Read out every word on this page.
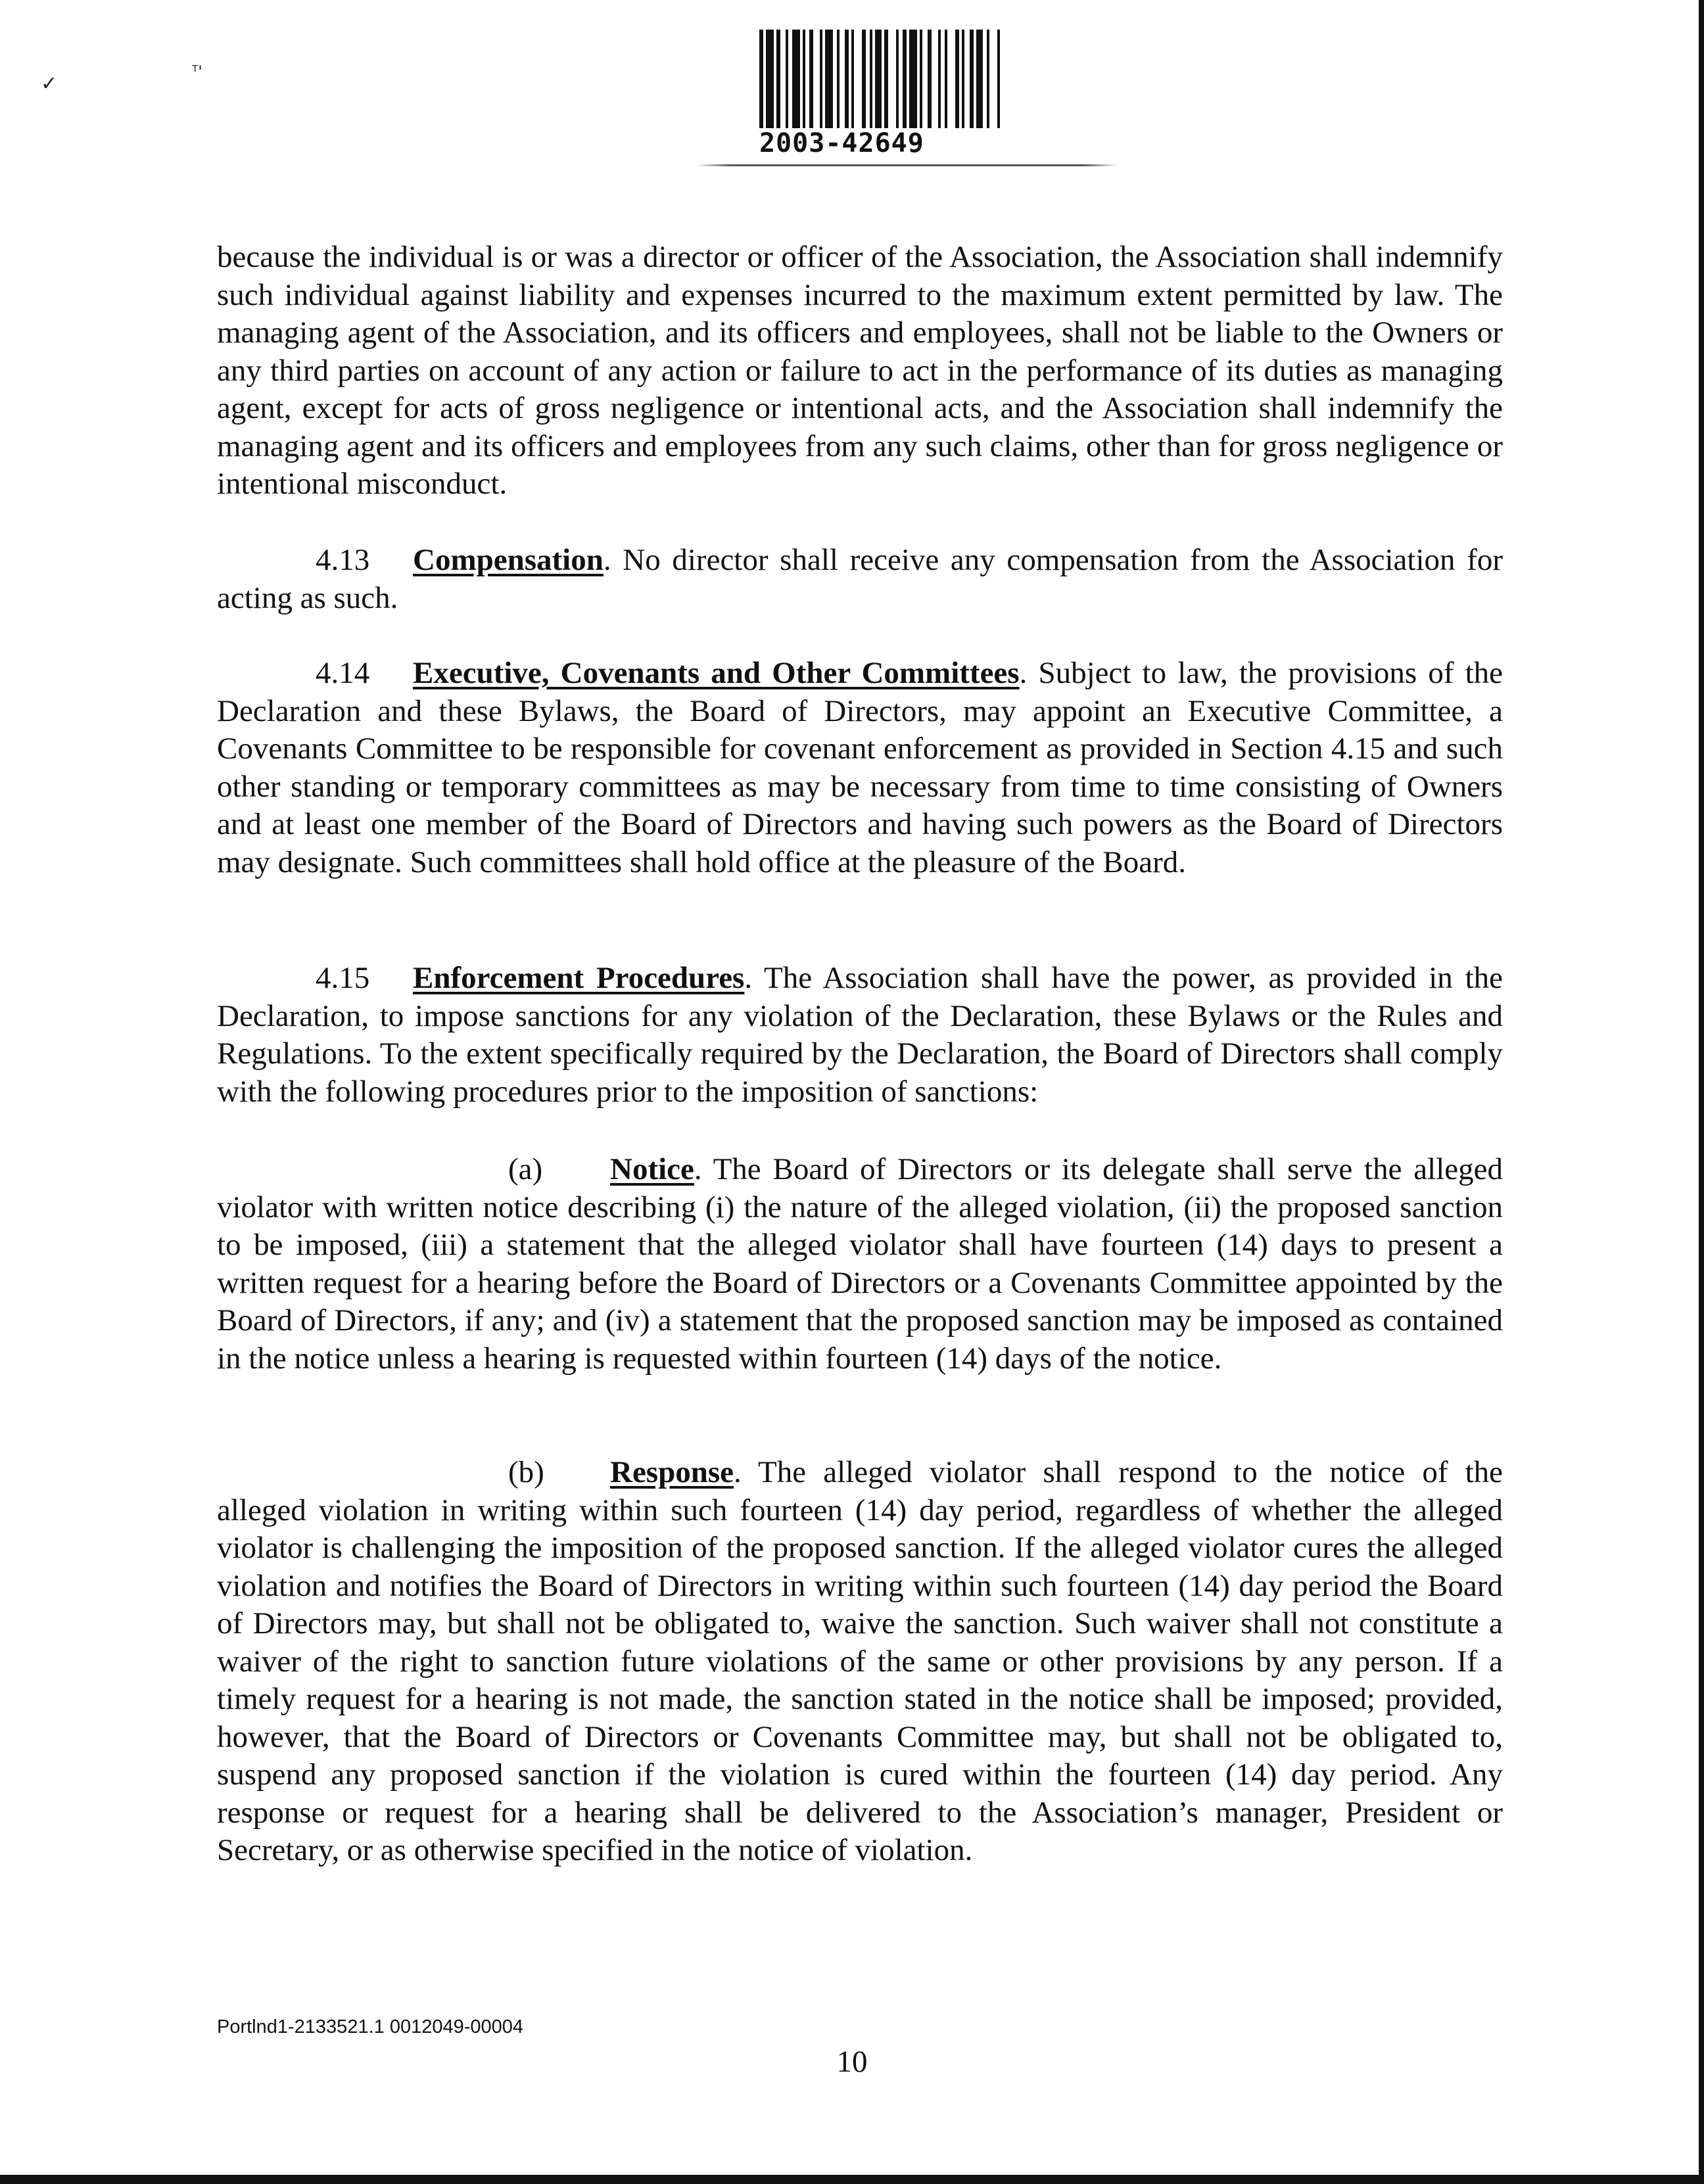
✓
ᵀ'
2003-42649

because the individual is or was a director or officer of the Association, the Association shall indemnify such individual against liability and expenses incurred to the maximum extent permitted by law. The managing agent of the Association, and its officers and employees, shall not be liable to the Owners or any third parties on account of any action or failure to act in the performance of its duties as managing agent, except for acts of gross negligence or intentional acts, and the Association shall indemnify the managing agent and its officers and employees from any such claims, other than for gross negligence or intentional misconduct.

4.13 Compensation. No director shall receive any compensation from the Association for acting as such.

4.14 Executive, Covenants and Other Committees. Subject to law, the provisions of the Declaration and these Bylaws, the Board of Directors, may appoint an Executive Committee, a Covenants Committee to be responsible for covenant enforcement as provided in Section 4.15 and such other standing or temporary committees as may be necessary from time to time consisting of Owners and at least one member of the Board of Directors and having such powers as the Board of Directors may designate. Such committees shall hold office at the pleasure of the Board.

4.15 Enforcement Procedures. The Association shall have the power, as provided in the Declaration, to impose sanctions for any violation of the Declaration, these Bylaws or the Rules and Regulations. To the extent specifically required by the Declaration, the Board of Directors shall comply with the following procedures prior to the imposition of sanctions:

(a) Notice. The Board of Directors or its delegate shall serve the alleged violator with written notice describing (i) the nature of the alleged violation, (ii) the proposed sanction to be imposed, (iii) a statement that the alleged violator shall have fourteen (14) days to present a written request for a hearing before the Board of Directors or a Covenants Committee appointed by the Board of Directors, if any; and (iv) a statement that the proposed sanction may be imposed as contained in the notice unless a hearing is requested within fourteen (14) days of the notice.

(b) Response. The alleged violator shall respond to the notice of the alleged violation in writing within such fourteen (14) day period, regardless of whether the alleged violator is challenging the imposition of the proposed sanction. If the alleged violator cures the alleged violation and notifies the Board of Directors in writing within such fourteen (14) day period the Board of Directors may, but shall not be obligated to, waive the sanction. Such waiver shall not constitute a waiver of the right to sanction future violations of the same or other provisions by any person. If a timely request for a hearing is not made, the sanction stated in the notice shall be imposed; provided, however, that the Board of Directors or Covenants Committee may, but shall not be obligated to, suspend any proposed sanction if the violation is cured within the fourteen (14) day period. Any response or request for a hearing shall be delivered to the Association’s manager, President or Secretary, or as otherwise specified in the notice of violation.

Portlnd1-2133521.1 0012049-00004
10
